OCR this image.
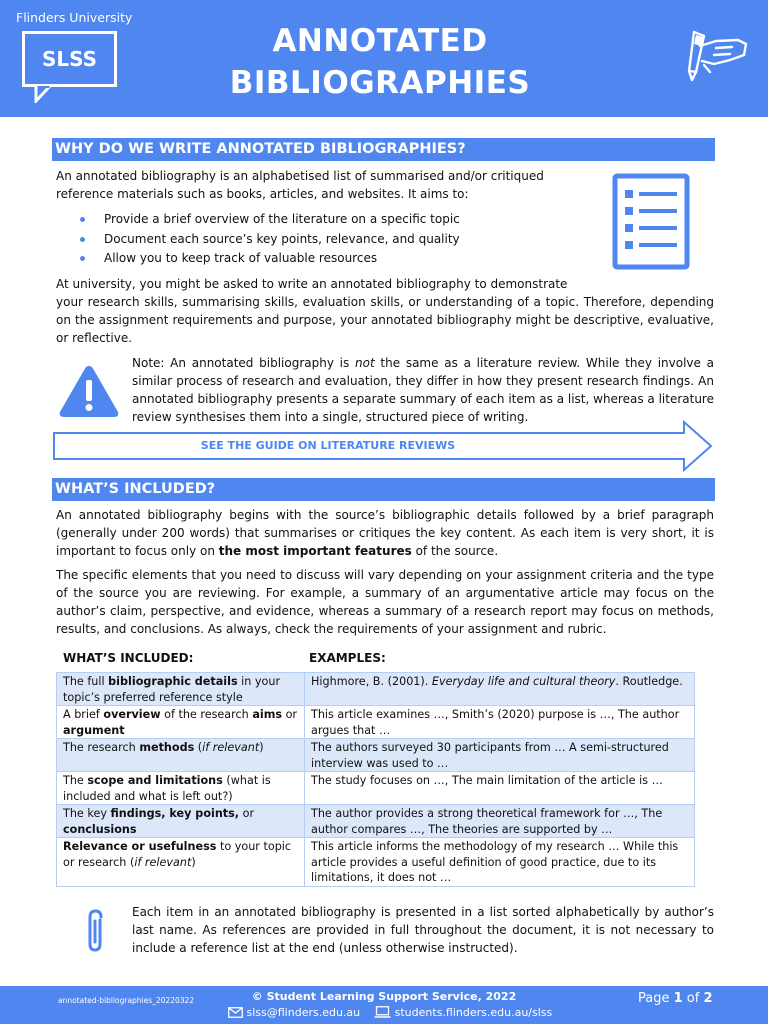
Flinders University
SLSS	ANNOTATED
BIBLIOGRAPHIES
WHY DO WE WRITE ANNOTATED BIBLIOGRAPHIES?
An annotated bibliography is an alphabetised list of summarised and/or critiqued
reference materials such as books, articles, and websites. It aims to:
Provide a brief overview of the literature on a specific topic
Document each source’s key points, relevance, and quality
Allow you to keep track of valuable resources
At university, you might be asked to write an annotated bibliography to demonstrate
your research skills, summarising skills, evaluation skills, or understanding of a topic. Therefore, depending on the assignment requirements and purpose, your annotated bibliography might be descriptive, evaluative, or reflective.
Note: An annotated bibliography is not the same as a literature review. While they involve a similar process of research and evaluation, they differ in how they present research findings. An annotated bibliography presents a separate summary of each item as a list, whereas a literature review synthesises them into a single, structured piece of writing.
SEE THE GUIDE ON LITERATURE REVIEWS
WHAT’S INCLUDED?
An annotated bibliography begins with the source’s bibliographic details followed by a brief paragraph (generally under 200 words) that summarises or critiques the key content. As each item is very short, it is important to focus only on the most important features of the source.
The specific elements that you need to discuss will vary depending on your assignment criteria and the type of the source you are reviewing. For example, a summary of an argumentative article may focus on the author’s claim, perspective, and evidence, whereas a summary of a research report may focus on methods, results, and conclusions. As always, check the requirements of your assignment and rubric.
WHAT’S INCLUDED:	EXAMPLES:
The full bibliographic details in your topic’s preferred reference style	Highmore, B. (2001). Everyday life and cultural theory. Routledge.
A brief overview of the research aims or argument	This article examines …, Smith’s (2020) purpose is …, The author argues that …
The research methods (if relevant)	The authors surveyed 30 participants from … A semi-structured interview was used to …
The scope and limitations (what is included and what is left out?)	The study focuses on …, The main limitation of the article is …
The key findings, key points, or conclusions	The author provides a strong theoretical framework for …, The author compares …, The theories are supported by …
Relevance or usefulness to your topic or research (if relevant)	This article informs the methodology of my research … While this article provides a useful definition of good practice, due to its limitations, it does not …
Each item in an annotated bibliography is presented in a list sorted alphabetically by author’s last name. As references are provided in full throughout the document, it is not necessary to include a reference list at the end (unless otherwise instructed).
annotated-bibliographies_20220322	© Student Learning Support Service, 2022
slss@flinders.edu.au	students.flinders.edu.au/slss
Page 1 of 2
